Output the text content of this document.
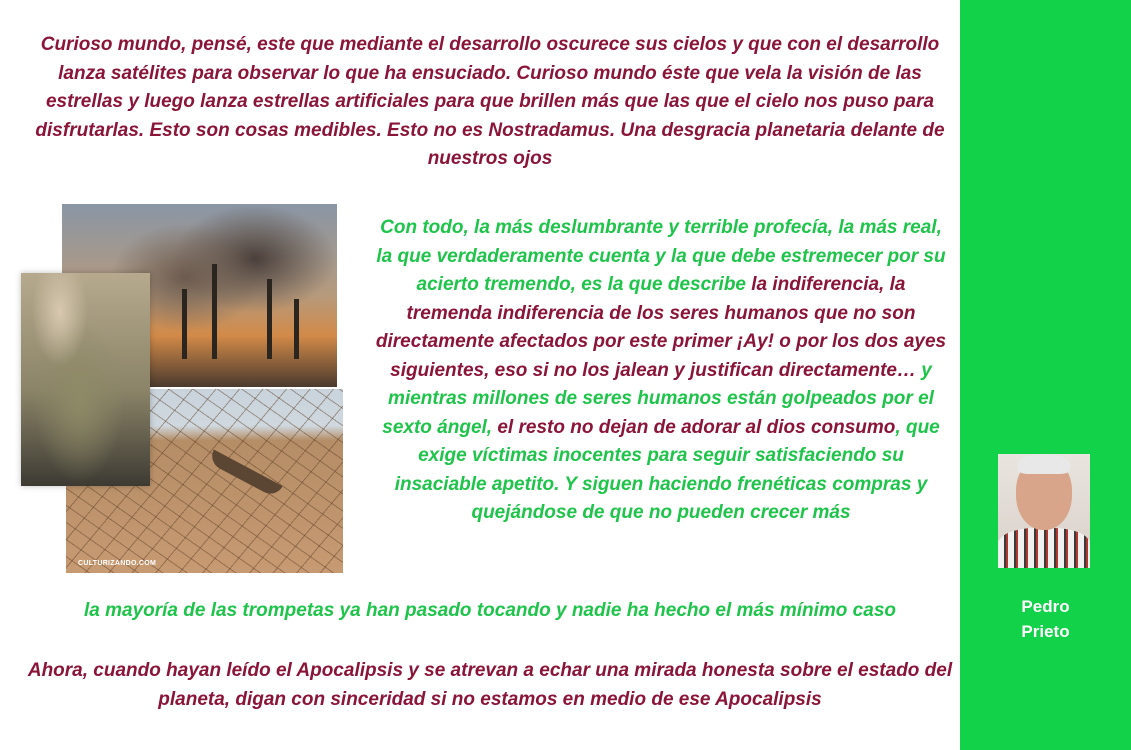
Curioso mundo, pensé, este que mediante el desarrollo oscurece sus cielos y que con el desarrollo lanza satélites para observar lo que ha ensuciado. Curioso mundo éste que vela la visión de las estrellas y luego lanza estrellas artificiales para que brillen más que las que el cielo nos puso para disfrutarlas. Esto son cosas medibles. Esto no es Nostradamus. Una desgracia planetaria delante de nuestros ojos

CULTURIZANDO.COM

Con todo, la más deslumbrante y terrible profecía, la más real, la que verdaderamente cuenta y la que debe estremecer por su acierto tremendo, es la que describe la indiferencia, la tremenda indiferencia de los seres humanos que no son directamente afectados por este primer ¡Ay! o por los dos ayes siguientes, eso si no los jalean y justifican directamente… y mientras millones de seres humanos están golpeados por el sexto ángel, el resto no dejan de adorar al dios consumo, que exige víctimas inocentes para seguir satisfaciendo su insaciable apetito. Y siguen haciendo frenéticas compras y quejándose de que no pueden crecer más

la mayoría de las trompetas ya han pasado tocando y nadie ha hecho el más mínimo caso

Ahora, cuando hayan leído el Apocalipsis y se atrevan a echar una mirada honesta sobre el estado del planeta, digan con sinceridad si no estamos en medio de ese Apocalipsis

Pedro
Prieto
